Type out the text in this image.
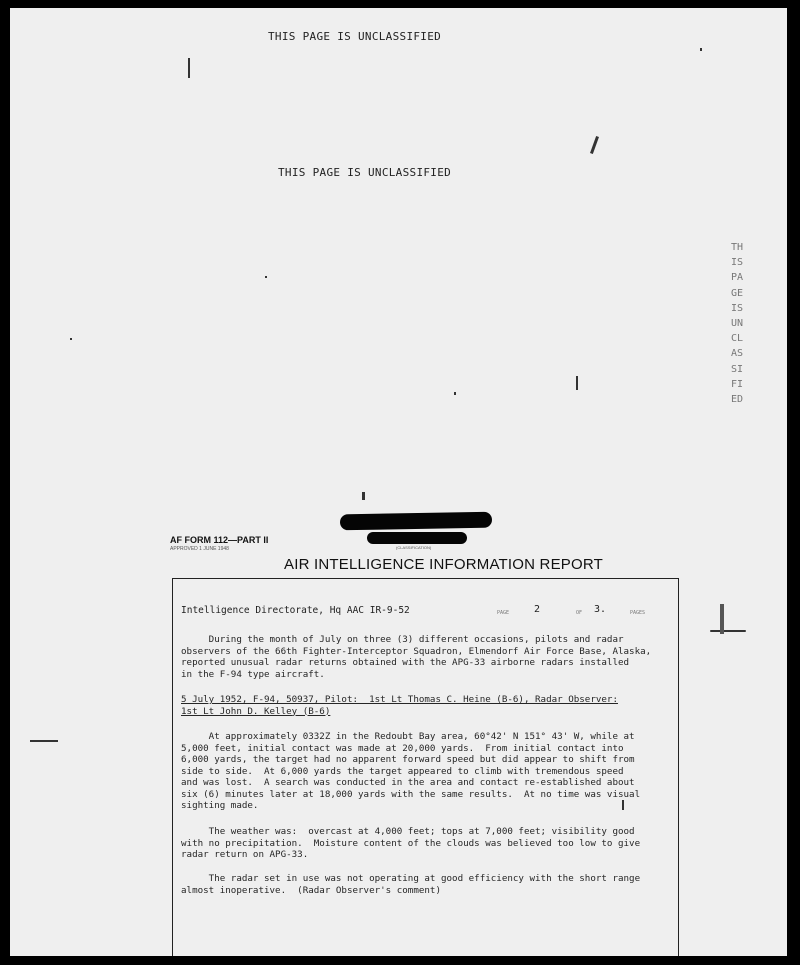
THIS PAGE IS UNCLASSIFIED
THIS PAGE IS UNCLASSIFIED
THIS PAGE IS UNCLASSIFIED
(CLASSIFICATION)
AF FORM 112—PART II
APPROVED 1 JUNE 1948
AIR INTELLIGENCE INFORMATION REPORT
Intelligence Directorate, Hq AAC IR-9-52	PAGE 2	OF 3.	PAGES
During the month of July on three (3) different occasions, pilots and radar
observers of the 66th Fighter-Interceptor Squadron, Elmendorf Air Force Base, Alaska,
reported unusual radar returns obtained with the APG-33 airborne radars installed
in the F-94 type aircraft.
5 July 1952, F-94, 50937, Pilot:  1st Lt Thomas C. Heine (B-6), Radar Observer:
1st Lt John D. Kelley (B-6)
At approximately 0332Z in the Redoubt Bay area, 60°42' N 151° 43' W, while at
5,000 feet, initial contact was made at 20,000 yards.  From initial contact into
6,000 yards, the target had no apparent forward speed but did appear to shift from
side to side.  At 6,000 yards the target appeared to climb with tremendous speed
and was lost.  A search was conducted in the area and contact re-established about
six (6) minutes later at 18,000 yards with the same results.  At no time was visual
sighting made.
The weather was:  overcast at 4,000 feet; tops at 7,000 feet; visibility good
with no precipitation.  Moisture content of the clouds was believed too low to give
radar return on APG-33.
The radar set in use was not operating at good efficiency with the short range
almost inoperative.  (Radar Observer's comment)
